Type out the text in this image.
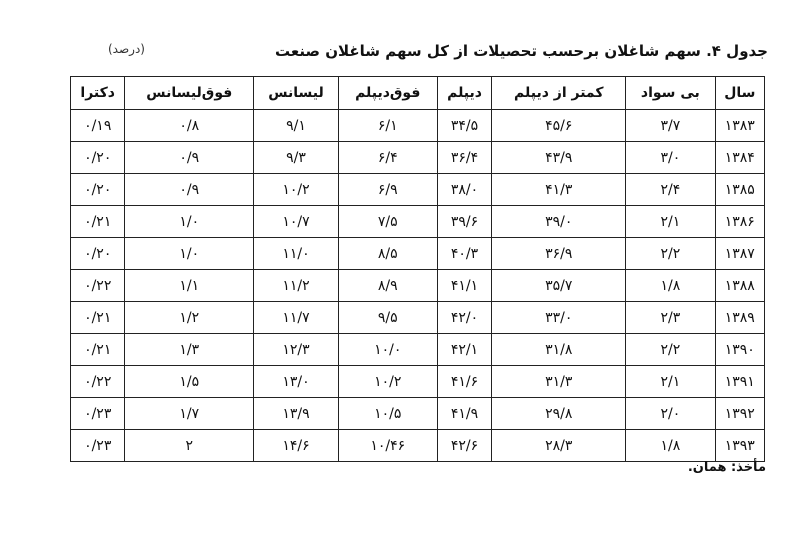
جدول ۴. سهم شاغلان برحسب تحصیلات از کل سهم شاغلان صنعت
(درصد)
سال	بی سواد	کمتر از دیپلم	دیپلم	فوق‌دیپلم	لیسانس	فوق‌لیسانس	دکترا
۱۳۸۳	۳/۷	۴۵/۶	۳۴/۵	۶/۱	۹/۱	۰/۸	۰/۱۹
۱۳۸۴	۳/۰	۴۳/۹	۳۶/۴	۶/۴	۹/۳	۰/۹	۰/۲۰
۱۳۸۵	۲/۴	۴۱/۳	۳۸/۰	۶/۹	۱۰/۲	۰/۹	۰/۲۰
۱۳۸۶	۲/۱	۳۹/۰	۳۹/۶	۷/۵	۱۰/۷	۱/۰	۰/۲۱
۱۳۸۷	۲/۲	۳۶/۹	۴۰/۳	۸/۵	۱۱/۰	۱/۰	۰/۲۰
۱۳۸۸	۱/۸	۳۵/۷	۴۱/۱	۸/۹	۱۱/۲	۱/۱	۰/۲۲
۱۳۸۹	۲/۳	۳۳/۰	۴۲/۰	۹/۵	۱۱/۷	۱/۲	۰/۲۱
۱۳۹۰	۲/۲	۳۱/۸	۴۲/۱	۱۰/۰	۱۲/۳	۱/۳	۰/۲۱
۱۳۹۱	۲/۱	۳۱/۳	۴۱/۶	۱۰/۲	۱۳/۰	۱/۵	۰/۲۲
۱۳۹۲	۲/۰	۲۹/۸	۴۱/۹	۱۰/۵	۱۳/۹	۱/۷	۰/۲۳
۱۳۹۳	۱/۸	۲۸/۳	۴۲/۶	۱۰/۴۶	۱۴/۶	۲	۰/۲۳
مأخذ: همان.
